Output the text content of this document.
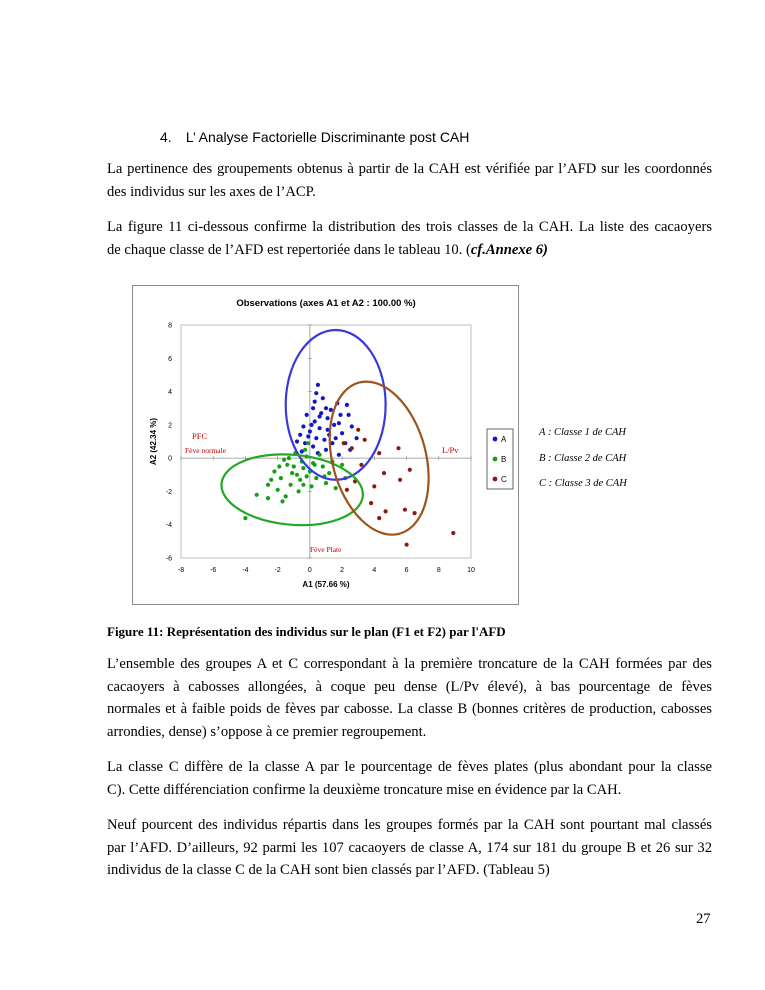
4. L’ Analyse Factorielle Discriminante post CAH
La pertinence des groupements obtenus à partir de la CAH est vérifiée par l’AFD sur les coordonnés
des individus sur les axes de l’ACP.
La figure 11 ci-dessous confirme la distribution des trois classes de la CAH. La liste des cacaoyers
de chaque classe de l’AFD est repertoriée dans le tableau 10. (cf.Annexe 6)
Observations (axes A1 et A2 : 100.00 %)
-8	-6	-4	-2	0	2	4	6	8	10
-6
-4
-2
0
2
4
6
8
A1 (57.66 %)
A2 (42.34 %)	PFC
Fève normale	L/Pv
Fève Plate
A
B
C
A : Classe 1 de CAH
B : Classe 2 de CAH
C : Classe 3 de CAH
Figure 11: Représentation des individus sur le plan (F1 et F2) par l'AFD
L’ensemble des groupes A et C correspondant à la première troncature de la CAH formées par des
cacaoyers à cabosses allongées, à coque peu dense (L/Pv élevé), à bas pourcentage de fèves
normales et à faible poids de fèves par cabosse. La classe B (bonnes critères de production, cabosses
arrondies, dense) s’oppose à ce premier regroupement.
La classe C diffère de la classe A par le pourcentage de fèves plates (plus abondant pour la classe
C). Cette différenciation confirme la deuxième troncature mise en évidence par la CAH.
Neuf pourcent des individus répartis dans les groupes formés par la CAH sont pourtant mal classés
par l’AFD. D’ailleurs, 92 parmi les 107 cacaoyers de classe A, 174 sur 181 du groupe B et 26 sur 32
individus de la classe C de la CAH sont bien classés par l’AFD. (Tableau 5)
27
